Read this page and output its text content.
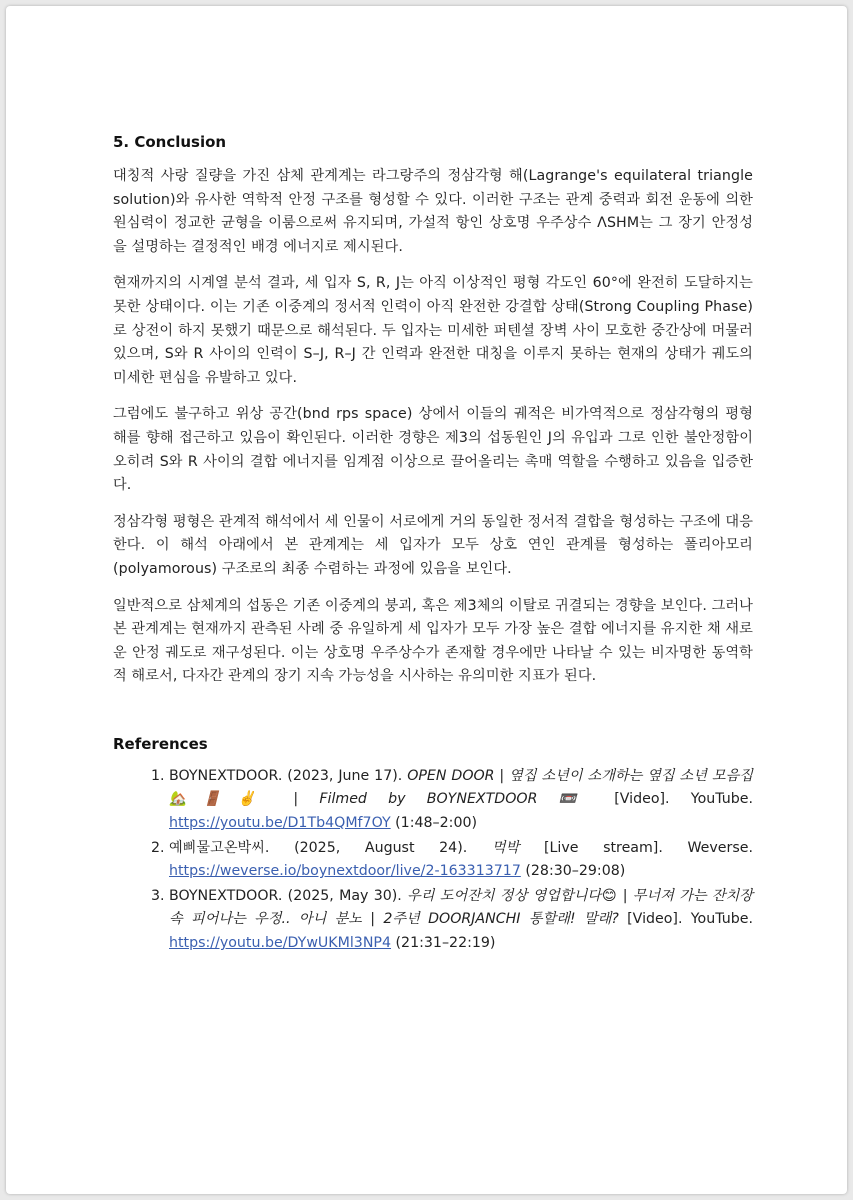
5. Conclusion

대칭적 사랑 질량을 가진 삼체 관계계는 라그랑주의 정삼각형 해(Lagrange's equilateral triangle solution)와 유사한 역학적 안정 구조를 형성할 수 있다. 이러한 구조는 관계 중력과 회전 운동에 의한 원심력이 정교한 균형을 이룸으로써 유지되며, 가설적 항인 상호명 우주상수 ΛSHM는 그 장기 안정성을 설명하는 결정적인 배경 에너지로 제시된다.

현재까지의 시계열 분석 결과, 세 입자 S, R, J는 아직 이상적인 평형 각도인 60°에 완전히 도달하지는 못한 상태이다. 이는 기존 이중계의 정서적 인력이 아직 완전한 강결합 상태(Strong Coupling Phase)로 상전이 하지 못했기 때문으로 해석된다. 두 입자는 미세한 퍼텐셜 장벽 사이 모호한 중간상에 머물러 있으며, S와 R 사이의 인력이 S–J, R–J 간 인력과 완전한 대칭을 이루지 못하는 현재의 상태가 궤도의 미세한 편심을 유발하고 있다.

그럼에도 불구하고 위상 공간(bnd rps space) 상에서 이들의 궤적은 비가역적으로 정삼각형의 평형 해를 향해 접근하고 있음이 확인된다. 이러한 경향은 제3의 섭동원인 J의 유입과 그로 인한 불안정함이 오히려 S와 R 사이의 결합 에너지를 임계점 이상으로 끌어올리는 촉매 역할을 수행하고 있음을 입증한다.

정삼각형 평형은 관계적 해석에서 세 인물이 서로에게 거의 동일한 정서적 결합을 형성하는 구조에 대응한다. 이 해석 아래에서 본 관계계는 세 입자가 모두 상호 연인 관계를 형성하는 폴리아모리(polyamorous) 구조로의 최종 수렴하는 과정에 있음을 보인다.

일반적으로 삼체계의 섭동은 기존 이중계의 붕괴, 혹은 제3체의 이탈로 귀결되는 경향을 보인다. 그러나 본 관계계는 현재까지 관측된 사례 중 유일하게 세 입자가 모두 가장 높은 결합 에너지를 유지한 채 새로운 안정 궤도로 재구성된다. 이는 상호명 우주상수가 존재할 경우에만 나타날 수 있는 비자명한 동역학적 해로서, 다자간 관계의 장기 지속 가능성을 시사하는 유의미한 지표가 된다.

References
1. BOYNEXTDOOR. (2023, June 17). OPEN DOOR | 옆집 소년이 소개하는 옆집 소년 모음집 🏡🚪✌️ | Filmed by BOYNEXTDOOR 📼 [Video]. YouTube. https://youtu.be/D1Tb4QMf7OY (1:48–2:00)
2. 예삐물고온박씨. (2025, August 24). 먹박 [Live stream]. Weverse. https://weverse.io/boynextdoor/live/2-163313717 (28:30–29:08)
3. BOYNEXTDOOR. (2025, May 30). 우리 도어잔치 정상 영업합니다😊 | 무너져 가는 잔치장 속 피어나는 우정.. 아니 분노 | 2주년 DOORJANCHI 통할래! 말래? [Video]. YouTube. https://youtu.be/DYwUKMl3NP4 (21:31–22:19)
